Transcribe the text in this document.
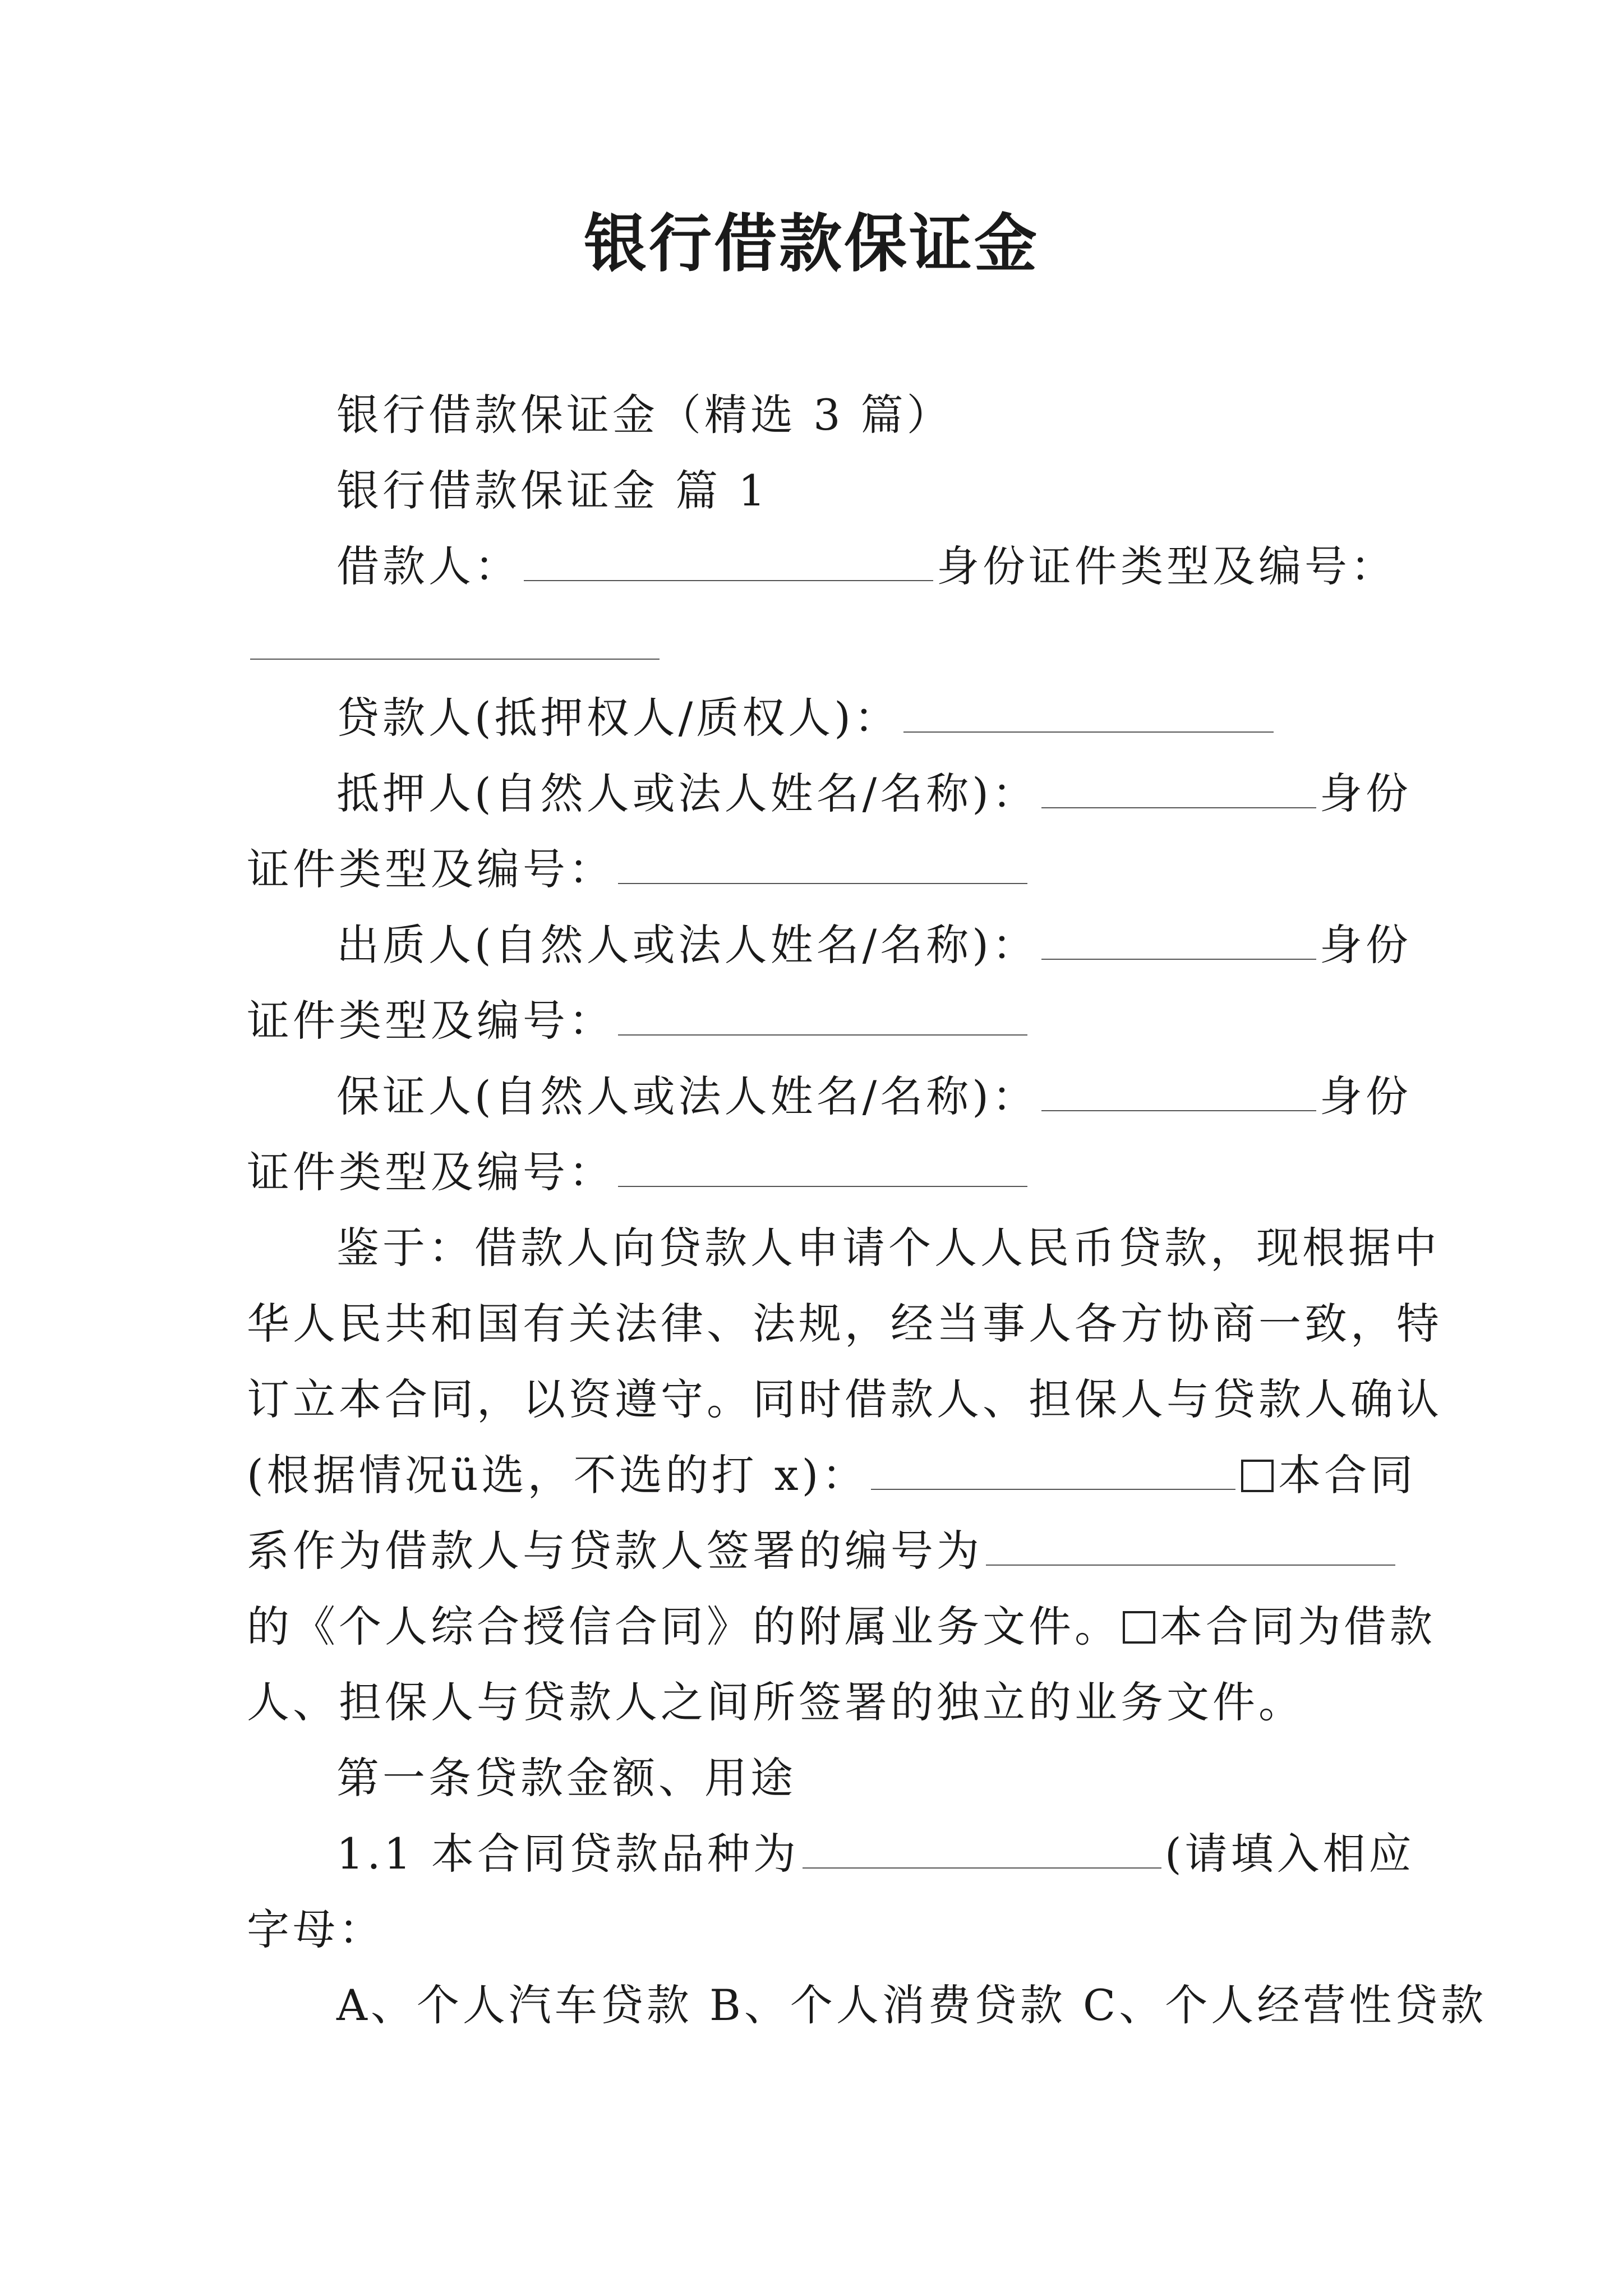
银行借款保证金
银行借款保证金（精选 3 篇）
银行借款保证金 篇 1
借款人：	身份证件类型及编号：
贷款人(抵押权人/质权人)：
抵押人(自然人或法人姓名/名称)：	身份
证件类型及编号：
出质人(自然人或法人姓名/名称)：	身份
证件类型及编号：
保证人(自然人或法人姓名/名称)：	身份
证件类型及编号：
鉴于：借款人向贷款人申请个人人民币贷款，现根据中
华人民共和国有关法律、法规，经当事人各方协商一致，特
订立本合同，以资遵守。同时借款人、担保人与贷款人确认
(根据情况ü选，不选的打 x)：	本合同
系作为借款人与贷款人签署的编号为
的《个人综合授信合同》的附属业务文件。 本合同为借款
人、担保人与贷款人之间所签署的独立的业务文件。
第一条贷款金额、用途
1.1 本合同贷款品种为	(请填入相应
字母：
A、个人汽车贷款 B、个人消费贷款 C、个人经营性贷款
